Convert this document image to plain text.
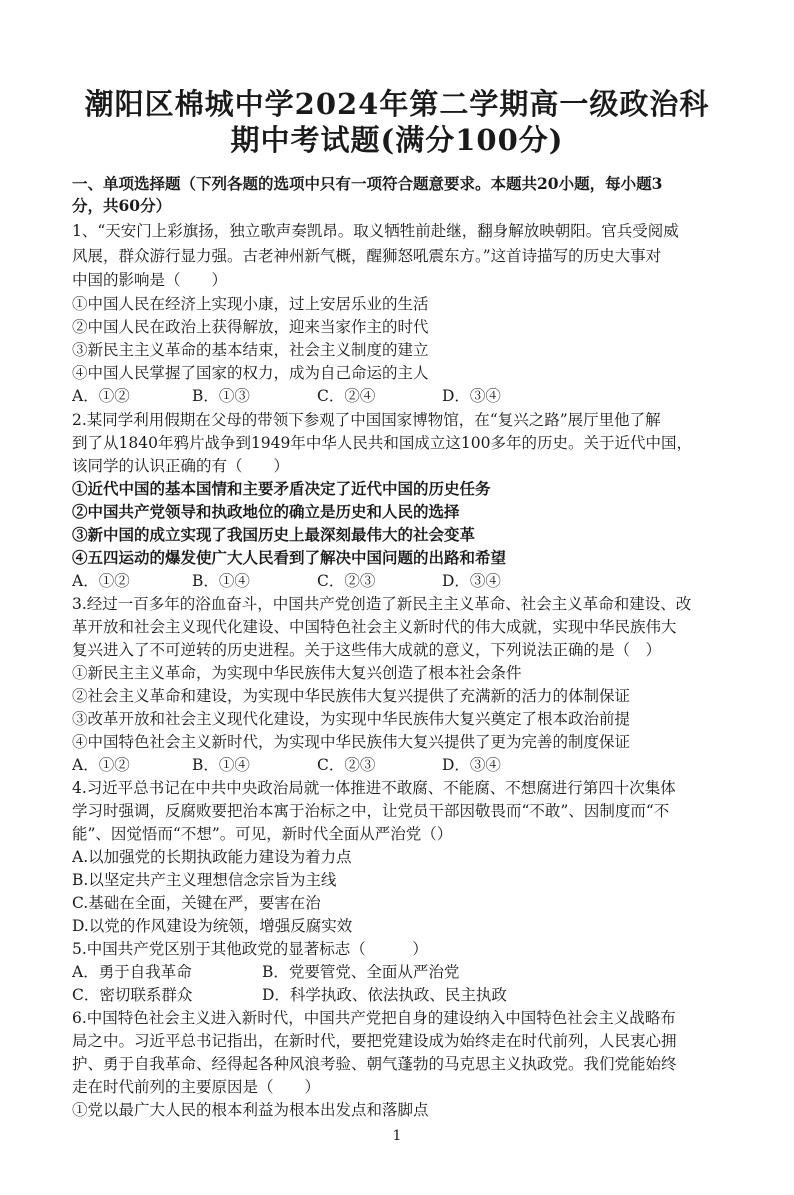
潮阳区棉城中学2024年第二学期高一级政治科
期中考试题(满分100分)
一、单项选择题（下列各题的选项中只有一项符合题意要求。本题共20小题，每小题3
分，共60分）
1、“天安门上彩旗扬，独立歌声奏凯昂。取义牺牲前赴继，翻身解放映朝阳。官兵受阅威
风展，群众游行显力强。古老神州新气概，醒狮怒吼震东方。”这首诗描写的历史大事对
中国的影响是（　　）
①中国人民在经济上实现小康，过上安居乐业的生活
②中国人民在政治上获得解放，迎来当家作主的时代
③新民主主义革命的基本结束，社会主义制度的建立
④中国人民掌握了国家的权力，成为自己命运的主人
A．①②	B．①③	C．②④	D．③④
2.某同学利用假期在父母的带领下参观了中国国家博物馆，在“复兴之路”展厅里他了解
到了从1840年鸦片战争到1949年中华人民共和国成立这100多年的历史。关于近代中国，
该同学的认识正确的有（　　）
①近代中国的基本国情和主要矛盾决定了近代中国的历史任务
②中国共产党领导和执政地位的确立是历史和人民的选择
③新中国的成立实现了我国历史上最深刻最伟大的社会变革
④五四运动的爆发使广大人民看到了解决中国问题的出路和希望
A．①②	B．①④	C．②③	D．③④
3.经过一百多年的浴血奋斗，中国共产党创造了新民主主义革命、社会主义革命和建设、改
革开放和社会主义现代化建设、中国特色社会主义新时代的伟大成就，实现中华民族伟大
复兴进入了不可逆转的历史进程。关于这些伟大成就的意义，下列说法正确的是（　）
①新民主主义革命，为实现中华民族伟大复兴创造了根本社会条件
②社会主义革命和建设，为实现中华民族伟大复兴提供了充满新的活力的体制保证
③改革开放和社会主义现代化建设，为实现中华民族伟大复兴奠定了根本政治前提
④中国特色社会主义新时代，为实现中华民族伟大复兴提供了更为完善的制度保证
A．①②	B．①④	C．②③	D．③④
4.习近平总书记在中共中央政治局就一体推进不敢腐、不能腐、不想腐进行第四十次集体
学习时强调，反腐败要把治本寓于治标之中，让党员干部因敬畏而“不敢”、因制度而“不
能”、因觉悟而“不想”。可见，新时代全面从严治党（）
A.以加强党的长期执政能力建设为着力点
B.以坚定共产主义理想信念宗旨为主线
C.基础在全面，关键在严，要害在治
D.以党的作风建设为统领，增强反腐实效
5.中国共产党区别于其他政党的显著标志（　　　）
A．勇于自我革命	B．党要管党、全面从严治党
C．密切联系群众	D．科学执政、依法执政、民主执政
6.中国特色社会主义进入新时代，中国共产党把自身的建设纳入中国特色社会主义战略布
局之中。习近平总书记指出，在新时代，要把党建设成为始终走在时代前列，人民衷心拥
护、勇于自我革命、经得起各种风浪考验、朝气蓬勃的马克思主义执政党。我们党能始终
走在时代前列的主要原因是（　　）
①党以最广大人民的根本利益为根本出发点和落脚点
1
